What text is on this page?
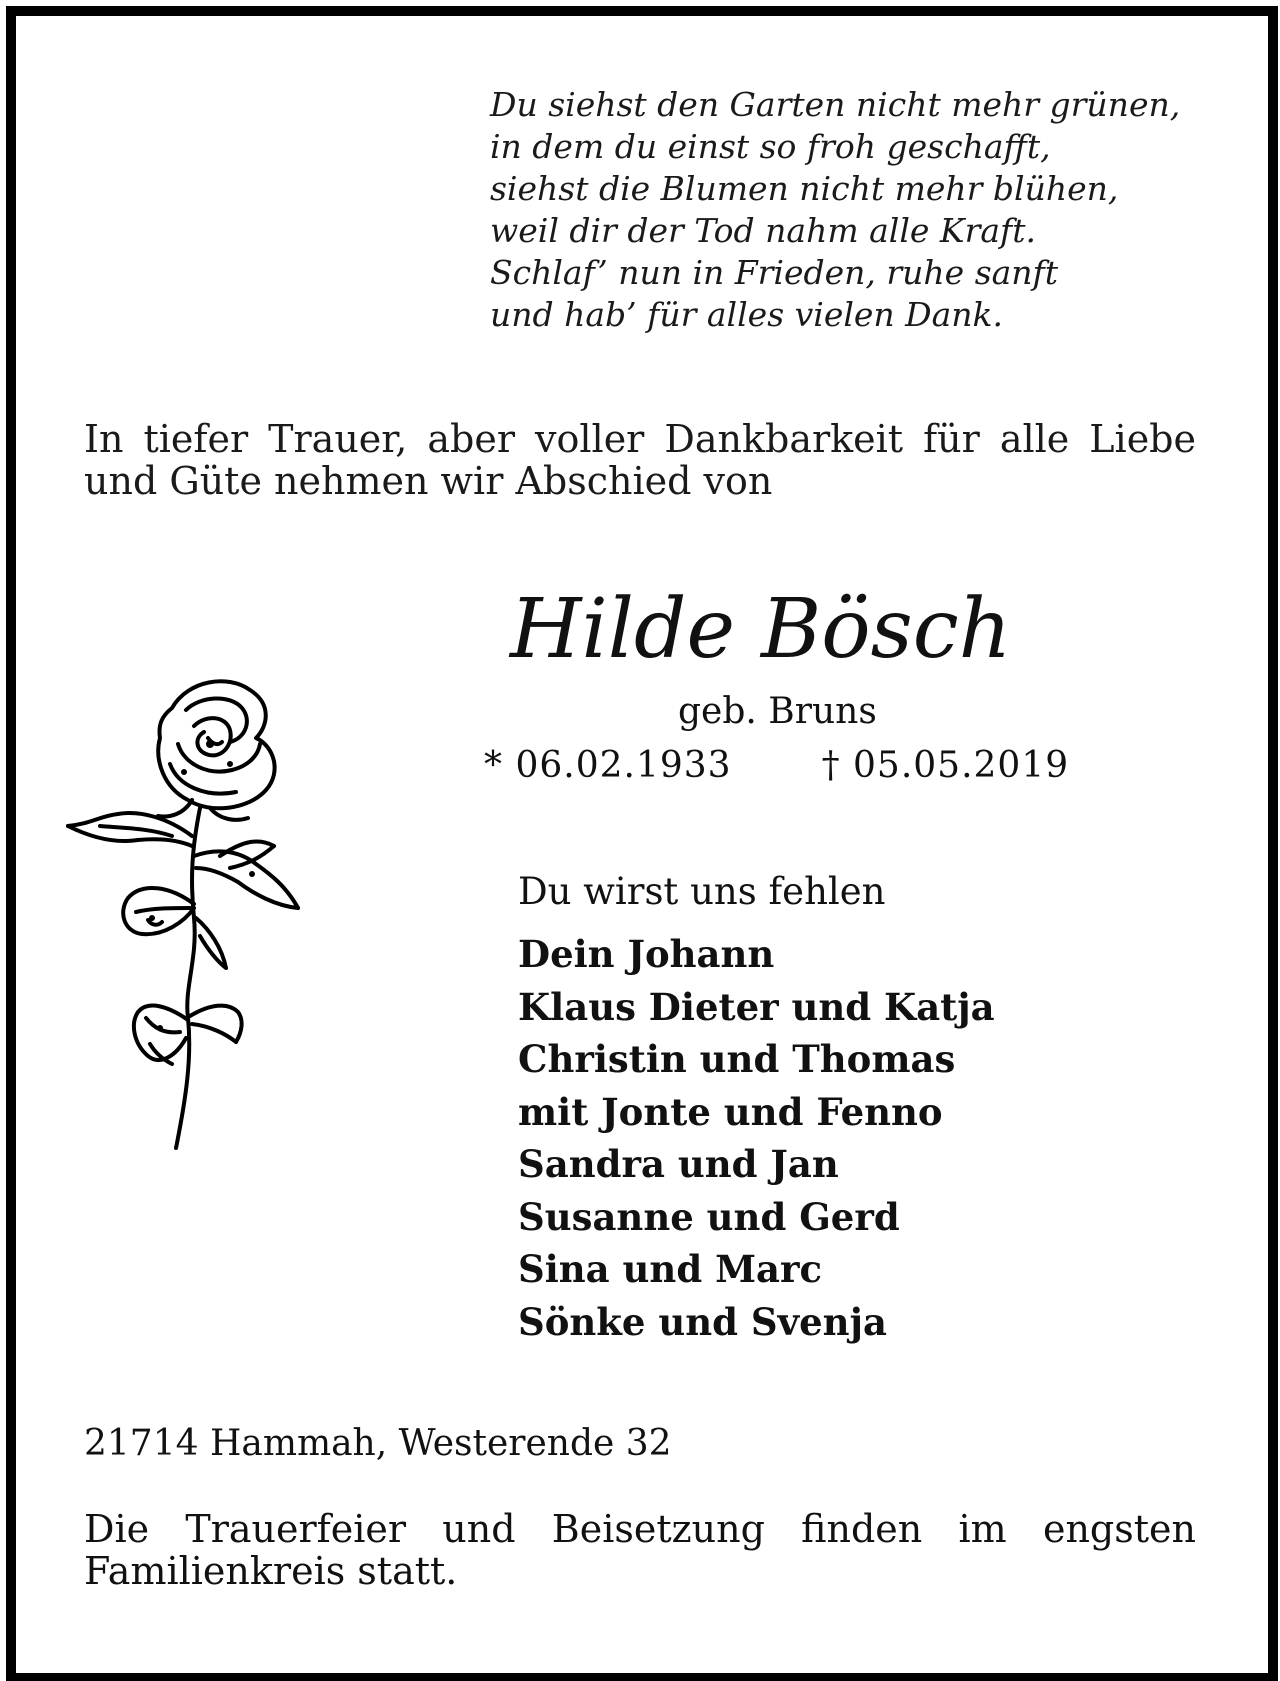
Du siehst den Garten nicht mehr grünen,
in dem du einst so froh geschafft,
siehst die Blumen nicht mehr blühen,
weil dir der Tod nahm alle Kraft.
Schlaf’ nun in Frieden, ruhe sanft
und hab’ für alles vielen Dank.
In tiefer Trauer, aber voller Dankbarkeit für alle Liebe
und Güte nehmen wir Abschied von
Hilde Bösch
geb. Bruns
* 06.02.1933	† 05.05.2019
Du wirst uns fehlen
Dein Johann
Klaus Dieter und Katja
Christin und Thomas
mit Jonte und Fenno
Sandra und Jan
Susanne und Gerd
Sina und Marc
Sönke und Svenja
21714 Hammah, Westerende 32
Die Trauerfeier und Beisetzung finden im engsten
Familienkreis statt.
